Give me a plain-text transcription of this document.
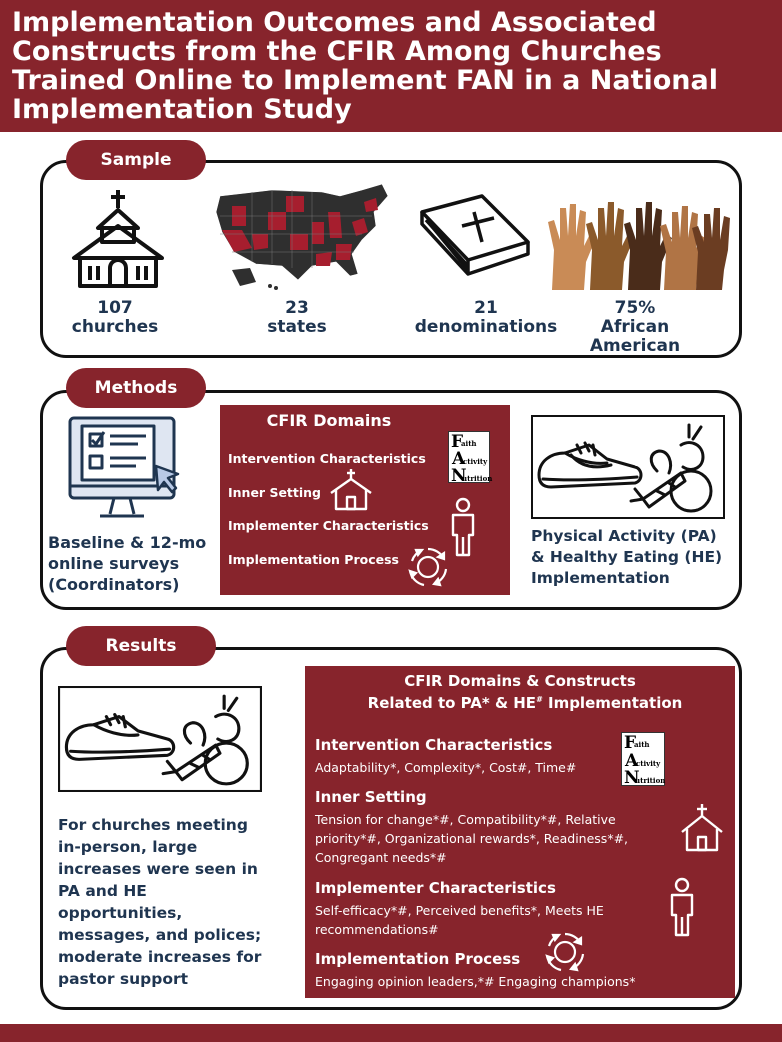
Implementation Outcomes and Associated
Constructs from the CFIR Among Churches
Trained Online to Implement FAN in a National
Implementation Study
Sample
107
churches
23
states
21
denominations
75%
African
American
Methods
Baseline & 12-mo
online surveys
(Coordinators)
CFIR Domains
Intervention Characteristics
Inner Setting
Implementer Characteristics
Implementation Process
F
aith
A
ctivity
N
utrition
Physical Activity (PA)
& Healthy Eating (HE)
Implementation
Results
For churches meeting
in-person, large
increases were seen in
PA and HE
opportunities,
messages, and polices;
moderate increases for
pastor support
CFIR Domains & Constructs
Related to PA* & HE# Implementation
Intervention Characteristics
Adaptability*, Complexity*, Cost#, Time#
F
aith
A
ctivity
N
utrition
Inner Setting
Tension for change*#, Compatibility*#, Relative
priority*#, Organizational rewards*, Readiness*#,
Congregant needs*#
Implementer Characteristics
Self-efficacy*#, Perceived benefits*, Meets HE
recommendations#
Implementation Process
Engaging opinion leaders,*# Engaging champions*
